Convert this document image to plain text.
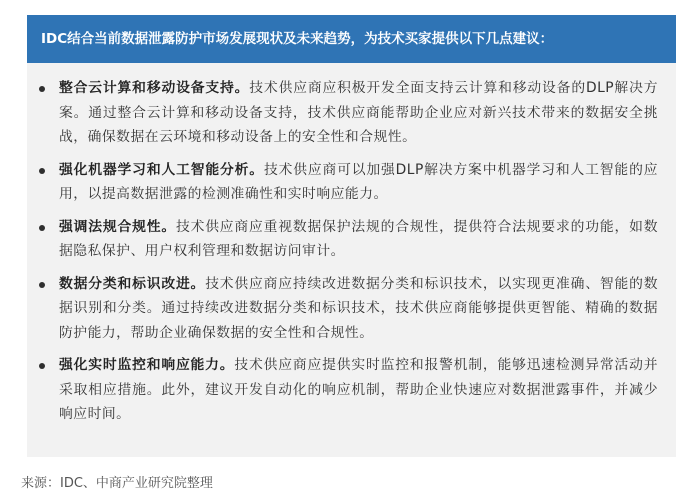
IDC结合当前数据泄露防护市场发展现状及未来趋势，为技术买家提供以下几点建议：
整合云计算和移动设备支持。技术供应商应积极开发全面支持云计算和移动设备的DLP解决方案。通过整合云计算和移动设备支持，技术供应商能帮助企业应对新兴技术带来的数据安全挑战，确保数据在云环境和移动设备上的安全性和合规性。
强化机器学习和人工智能分析。技术供应商可以加强DLP解决方案中机器学习和人工智能的应用，以提高数据泄露的检测准确性和实时响应能力。
强调法规合规性。技术供应商应重视数据保护法规的合规性，提供符合法规要求的功能，如数据隐私保护、用户权利管理和数据访问审计。
数据分类和标识改进。技术供应商应持续改进数据分类和标识技术，以实现更准确、智能的数据识别和分类。通过持续改进数据分类和标识技术，技术供应商能够提供更智能、精确的数据防护能力，帮助企业确保数据的安全性和合规性。
强化实时监控和响应能力。技术供应商应提供实时监控和报警机制，能够迅速检测异常活动并采取相应措施。此外，建议开发自动化的响应机制，帮助企业快速应对数据泄露事件，并减少响应时间。
来源：IDC、中商产业研究院整理
